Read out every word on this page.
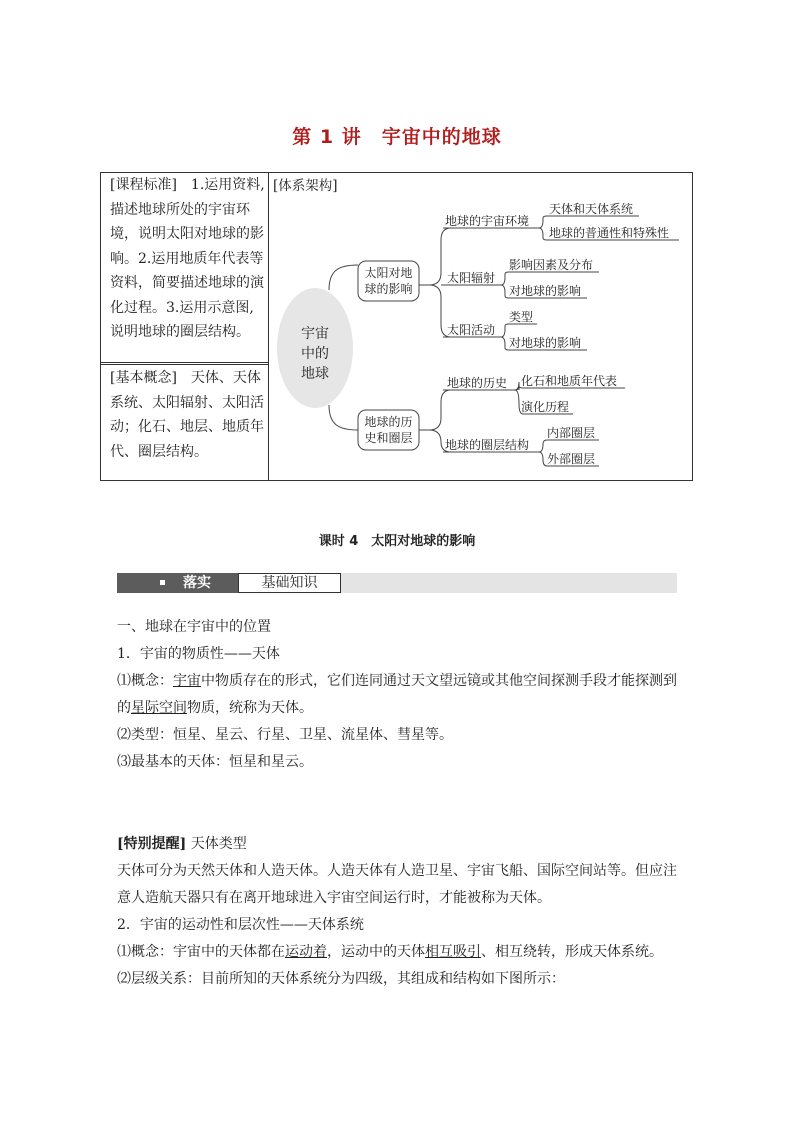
第 1 讲　宇宙中的地球
[课程标准]　1.运用资料,
描述地球所处的宇宙环
境，说明太阳对地球的影
响。2.运用地质年代表等
资料，简要描述地球的演
化过程。3.运用示意图,
说明地球的圈层结构。
[基本概念]　天体、天体
系统、太阳辐射、太阳活
动；化石、地层、地质年
代、圈层结构。
[体系架构]
宇宙
中的
地球
太阳对地
球的影响
地球的历
史和圈层
地球的宇宙环境
天体和天体系统
地球的普通性和特殊性
太阳辐射
影响因素及分布
对地球的影响
太阳活动
类型
对地球的影响
地球的历史 化石和地质年代表
演化历程
地球的圈层结构
内部圈层
外部圈层
课时 4　太阳对地球的影响
落实	基础知识
一、地球在宇宙中的位置
1．宇宙的物质性——天体
⑴概念：宇宙中物质存在的形式，它们连同通过天文望远镜或其他空间探测手段才能探测到
的星际空间物质，统称为天体。
⑵类型：恒星、星云、行星、卫星、流星体、彗星等。
⑶最基本的天体：恒星和星云。
[特别提醒] 天体类型
天体可分为天然天体和人造天体。人造天体有人造卫星、宇宙飞船、国际空间站等。但应注
意人造航天器只有在离开地球进入宇宙空间运行时，才能被称为天体。
2．宇宙的运动性和层次性——天体系统
⑴概念：宇宙中的天体都在运动着，运动中的天体相互吸引、相互绕转，形成天体系统。
⑵层级关系：目前所知的天体系统分为四级，其组成和结构如下图所示：
